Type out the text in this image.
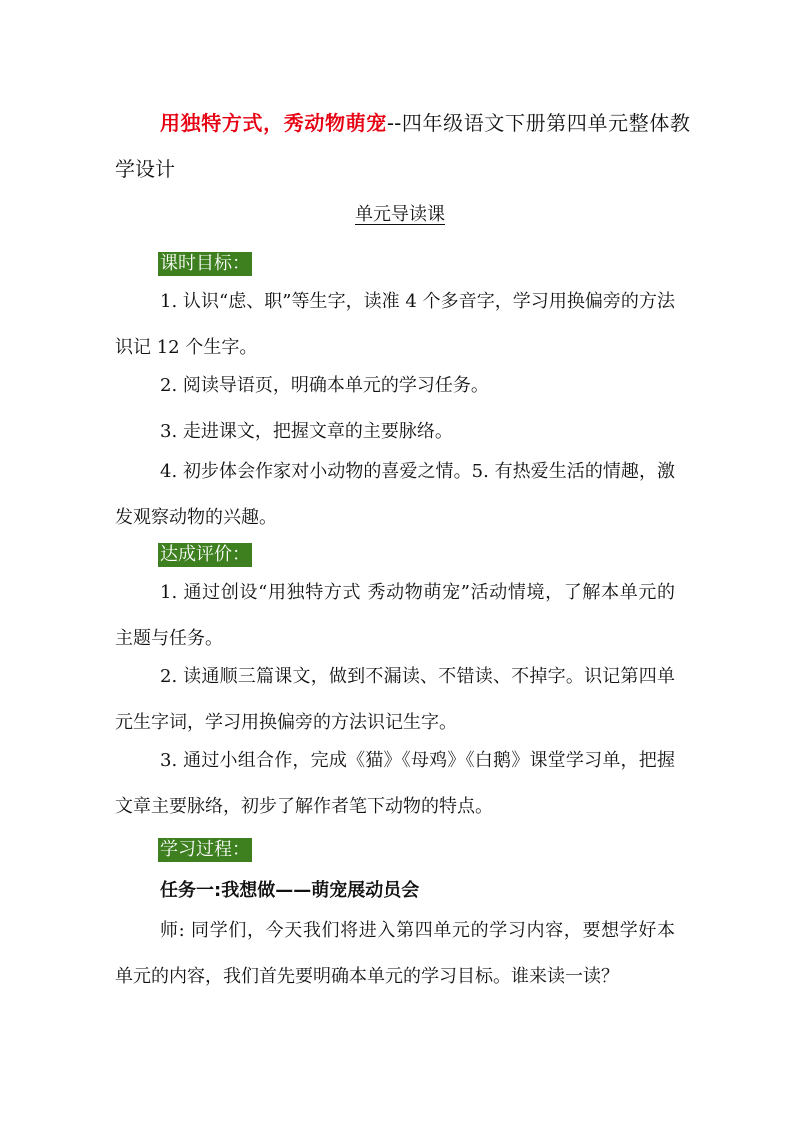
用独特方式，秀动物萌宠--四年级语文下册第四单元整体教学设计
单元导读课
课时目标：
1. 认识“虑、职”等生字，读准 4 个多音字，学习用换偏旁的方法识记 12 个生字。
2. 阅读导语页，明确本单元的学习任务。
3. 走进课文，把握文章的主要脉络。
4. 初步体会作家对小动物的喜爱之情。5. 有热爱生活的情趣，激发观察动物的兴趣。
达成评价：
1. 通过创设“用独特方式 秀动物萌宠”活动情境，了解本单元的主题与任务。
2. 读通顺三篇课文，做到不漏读、不错读、不掉字。识记第四单元生字词，学习用换偏旁的方法识记生字。
3. 通过小组合作，完成《猫》《母鸡》《白鹅》课堂学习单，把握文章主要脉络，初步了解作者笔下动物的特点。
学习过程：
任务一:我想做——萌宠展动员会
师: 同学们，今天我们将进入第四单元的学习内容，要想学好本单元的内容，我们首先要明确本单元的学习目标。谁来读一读？
